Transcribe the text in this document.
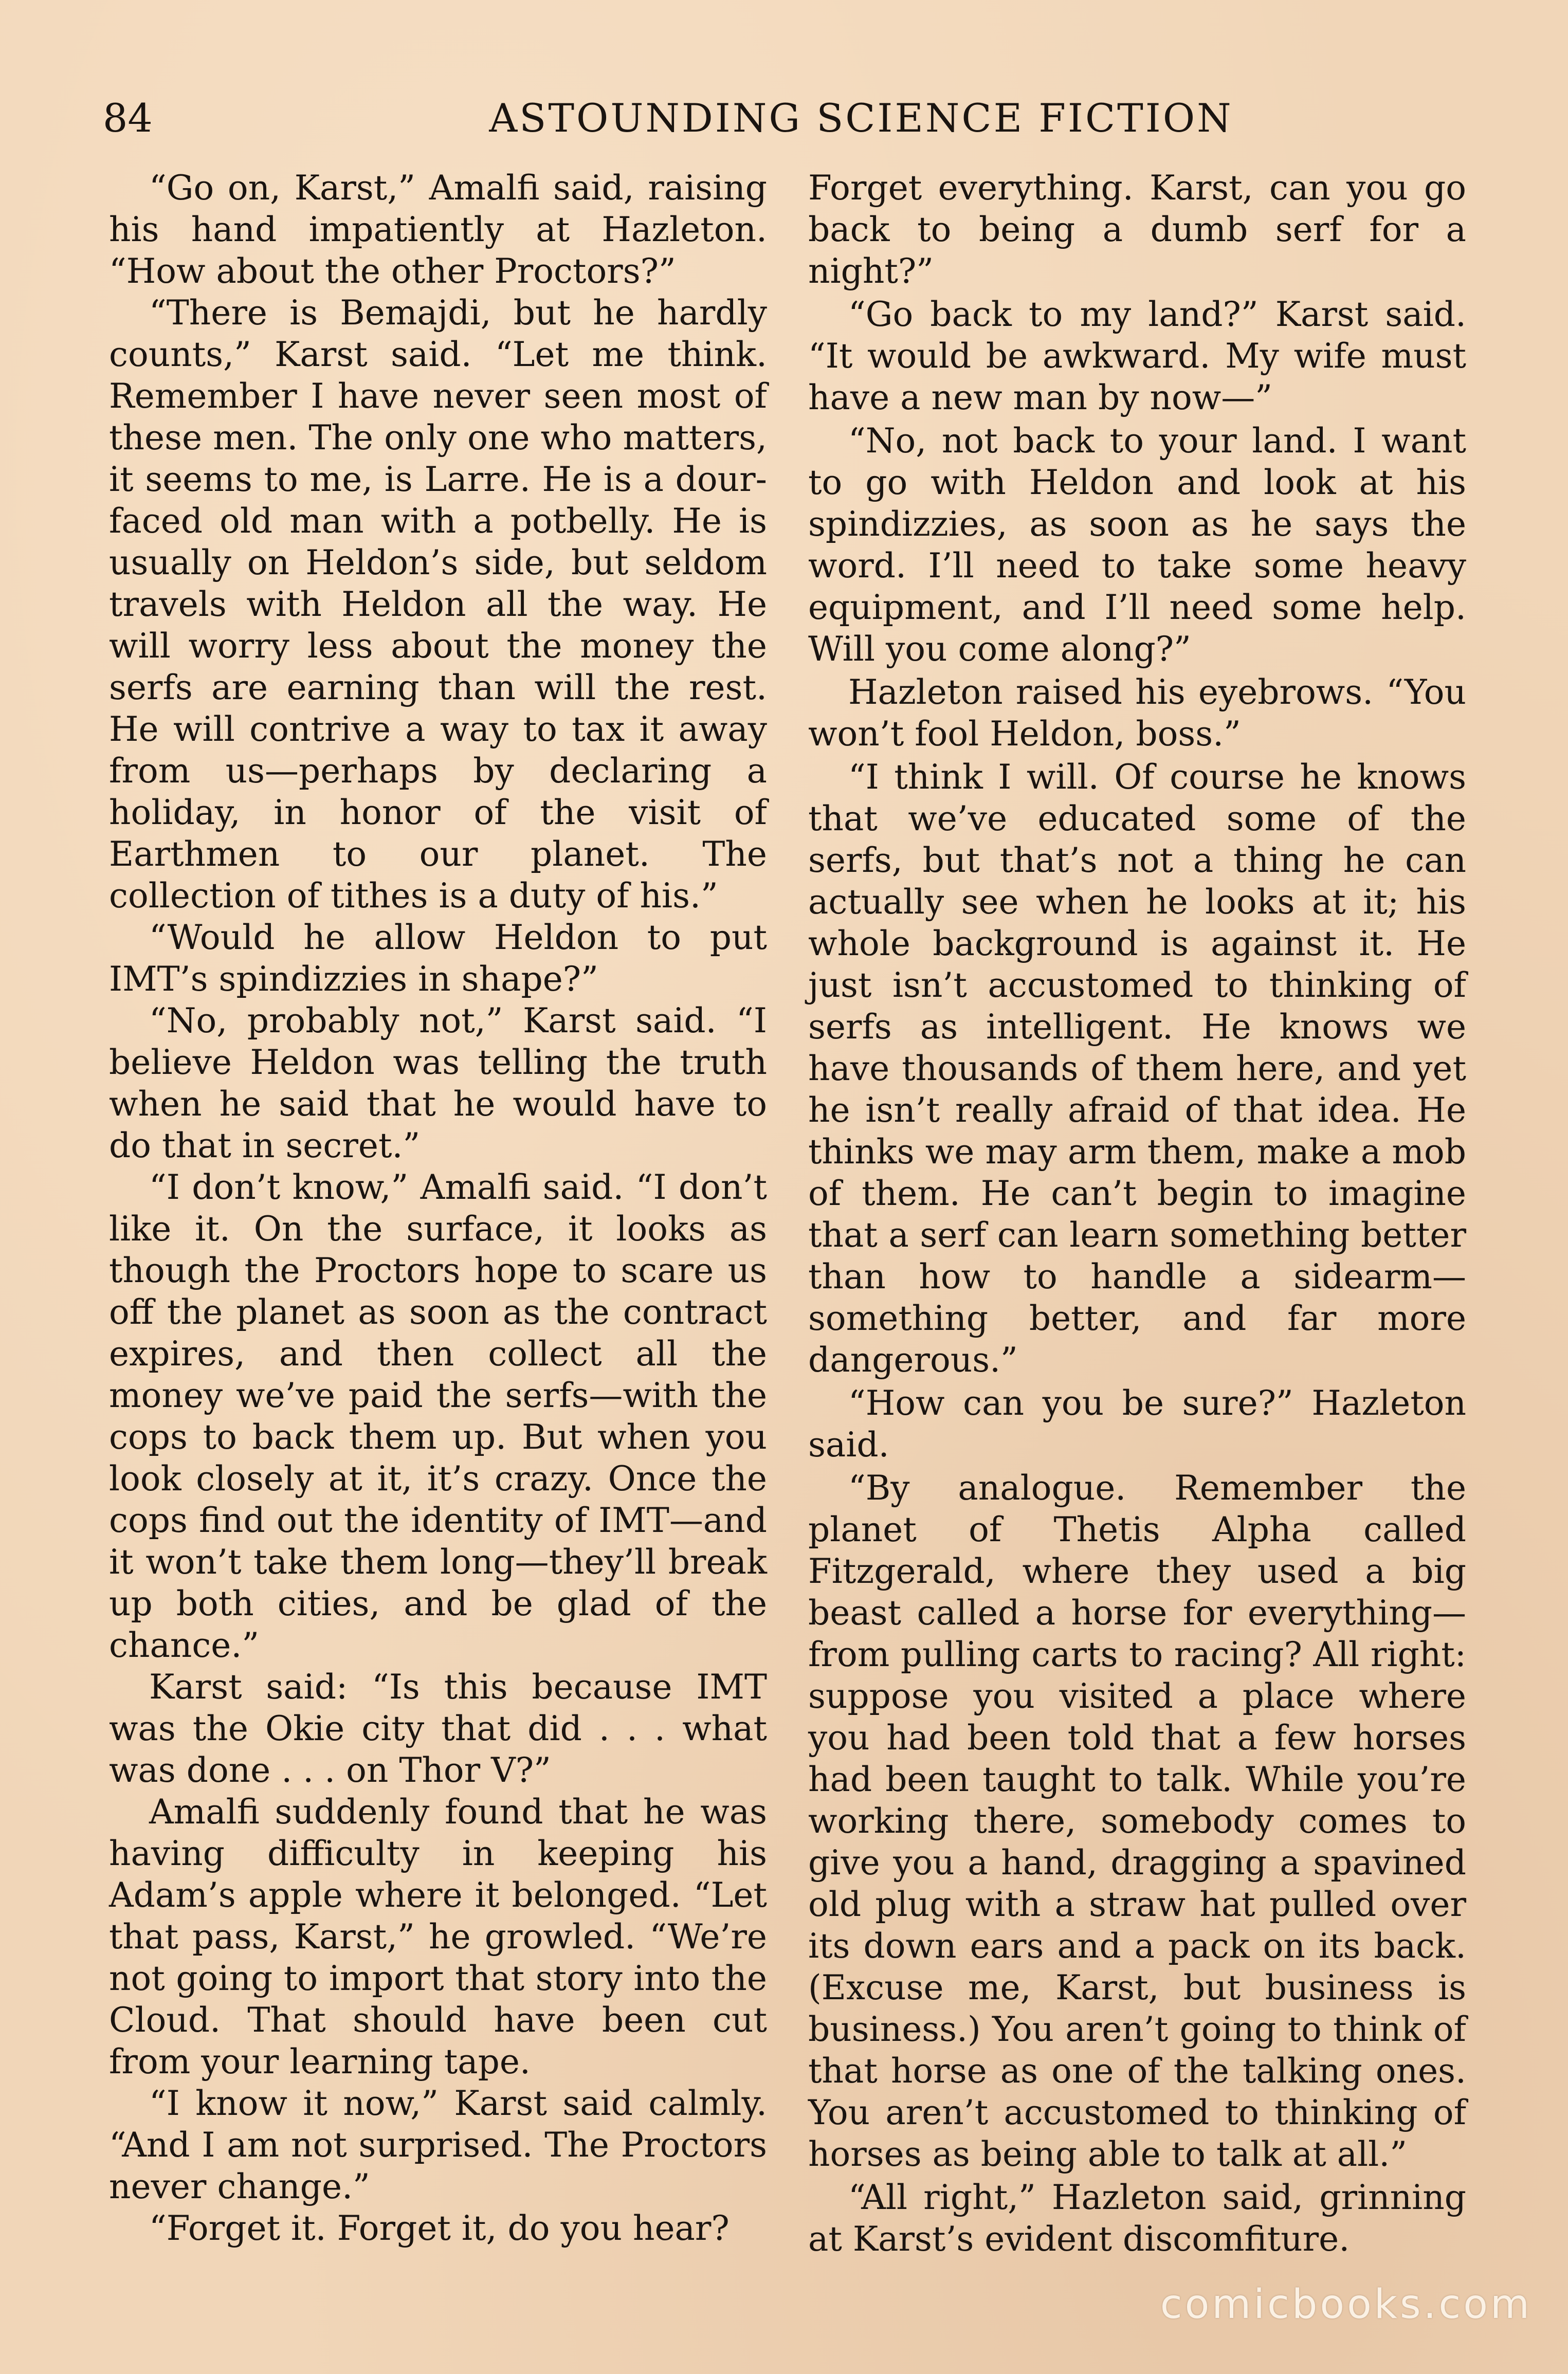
84	ASTOUNDING SCIENCE FICTION

“Go on, Karst,” Amalfi said, raising his hand impatiently at Hazleton. “How about the other Proctors?”

“There is Bemajdi, but he hardly counts,” Karst said. “Let me think. Remember I have never seen most of these men. The only one who matters, it seems to me, is Larre. He is a dour-faced old man with a potbelly. He is usually on Heldon’s side, but seldom travels with Heldon all the way. He will worry less about the money the serfs are earning than will the rest. He will contrive a way to tax it away from us—perhaps by declaring a holiday, in honor of the visit of Earthmen to our planet. The collection of tithes is a duty of his.”

“Would he allow Heldon to put IMT’s spindizzies in shape?”

“No, probably not,” Karst said. “I believe Heldon was telling the truth when he said that he would have to do that in secret.”

“I don’t know,” Amalfi said. “I don’t like it. On the surface, it looks as though the Proctors hope to scare us off the planet as soon as the contract expires, and then collect all the money we’ve paid the serfs—with the cops to back them up. But when you look closely at it, it’s crazy. Once the cops find out the identity of IMT—and it won’t take them long—they’ll break up both cities, and be glad of the chance.”

Karst said: “Is this because IMT was the Okie city that did . . . what was done . . . on Thor V?”

Amalfi suddenly found that he was having difficulty in keeping his Adam’s apple where it belonged. “Let that pass, Karst,” he growled. “We’re not going to import that story into the Cloud. That should have been cut from your learning tape.

“I know it now,” Karst said calmly. “And I am not surprised. The Proctors never change.”

“Forget it. Forget it, do you hear?

Forget everything. Karst, can you go back to being a dumb serf for a night?”

“Go back to my land?” Karst said. “It would be awkward. My wife must have a new man by now—”

“No, not back to your land. I want to go with Heldon and look at his spindizzies, as soon as he says the word. I’ll need to take some heavy equipment, and I’ll need some help. Will you come along?”

Hazleton raised his eyebrows. “You won’t fool Heldon, boss.”

“I think I will. Of course he knows that we’ve educated some of the serfs, but that’s not a thing he can actually see when he looks at it; his whole background is against it. He just isn’t accustomed to thinking of serfs as intelligent. He knows we have thousands of them here, and yet he isn’t really afraid of that idea. He thinks we may arm them, make a mob of them. He can’t begin to imagine that a serf can learn something better than how to handle a sidearm—something better, and far more dangerous.”

“How can you be sure?” Hazleton said.

“By analogue. Remember the planet of Thetis Alpha called Fitzgerald, where they used a big beast called a horse for everything—from pulling carts to racing? All right: suppose you visited a place where you had been told that a few horses had been taught to talk. While you’re working there, somebody comes to give you a hand, dragging a spavined old plug with a straw hat pulled over its down ears and a pack on its back. (Excuse me, Karst, but business is business.) You aren’t going to think of that horse as one of the talking ones. You aren’t accustomed to thinking of horses as being able to talk at all.”

“All right,” Hazleton said, grinning at Karst’s evident discomfiture.

comicbooks.com
